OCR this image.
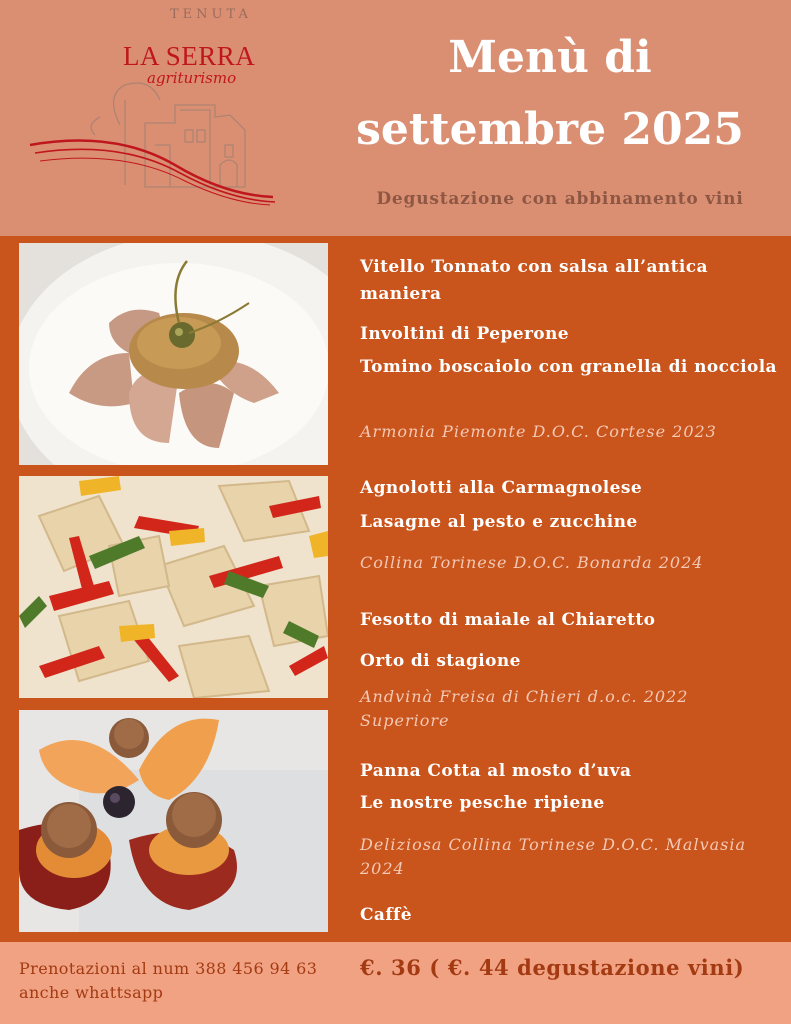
TENUTA
LA SERRA
agriturismo	Menù di
settembre 2025
Degustazione con abbinamento vini
Vitello Tonnato con salsa all’antica maniera
Involtini di Peperone
Tomino boscaiolo con granella di nocciola
Armonia Piemonte D.O.C. Cortese 2023
Agnolotti alla Carmagnolese
Lasagne al pesto e zucchine
Collina Torinese D.O.C. Bonarda 2024
Fesotto di maiale al Chiaretto
Orto di stagione
Andvinà Freisa di Chieri d.o.c. 2022 Superiore
Panna Cotta al mosto d’uva
Le nostre pesche ripiene
Deliziosa Collina Torinese D.O.C. Malvasia 2024
Caffè
Prenotazioni al num 388 456 94 63
anche whattsapp
€. 36 ( €. 44 degustazione vini)
